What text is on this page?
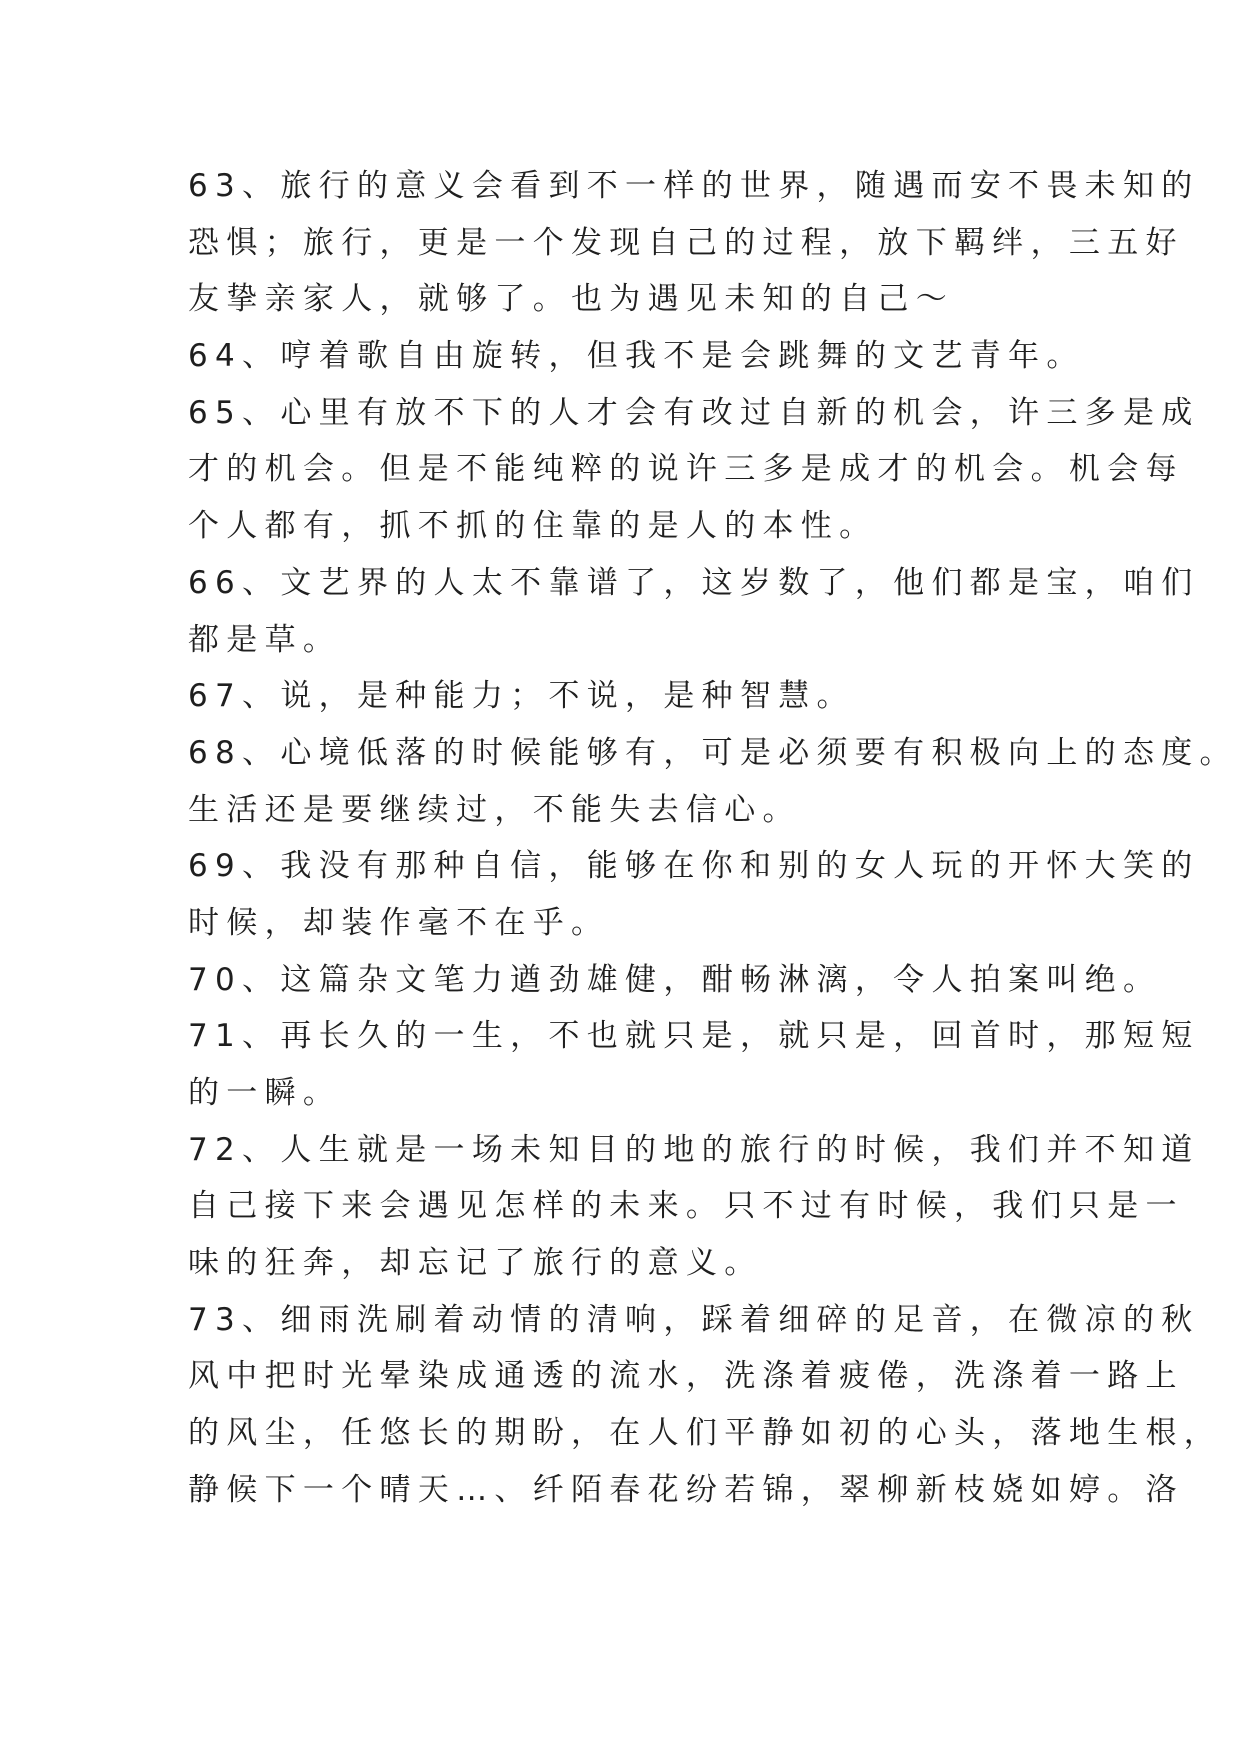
63、旅行的意义会看到不一样的世界，随遇而安不畏未知的
恐惧；旅行，更是一个发现自己的过程，放下羁绊，三五好
友挚亲家人，就够了。也为遇见未知的自己～
64、哼着歌自由旋转，但我不是会跳舞的文艺青年。
65、心里有放不下的人才会有改过自新的机会，许三多是成
才的机会。但是不能纯粹的说许三多是成才的机会。机会每
个人都有，抓不抓的住靠的是人的本性。
66、文艺界的人太不靠谱了，这岁数了，他们都是宝，咱们
都是草。
67、说，是种能力；不说，是种智慧。
68、心境低落的时候能够有，可是必须要有积极向上的态度。
生活还是要继续过，不能失去信心。
69、我没有那种自信，能够在你和别的女人玩的开怀大笑的
时候，却装作毫不在乎。
70、这篇杂文笔力遒劲雄健，酣畅淋漓，令人拍案叫绝。
71、再长久的一生，不也就只是，就只是，回首时，那短短
的一瞬。
72、人生就是一场未知目的地的旅行的时候，我们并不知道
自己接下来会遇见怎样的未来。只不过有时候，我们只是一
味的狂奔，却忘记了旅行的意义。
73、细雨洗刷着动情的清响，踩着细碎的足音，在微凉的秋
风中把时光晕染成通透的流水，洗涤着疲倦，洗涤着一路上
的风尘，任悠长的期盼，在人们平静如初的心头，落地生根，
静候下一个晴天…、纤陌春花纷若锦，翠柳新枝娆如婷。洛
